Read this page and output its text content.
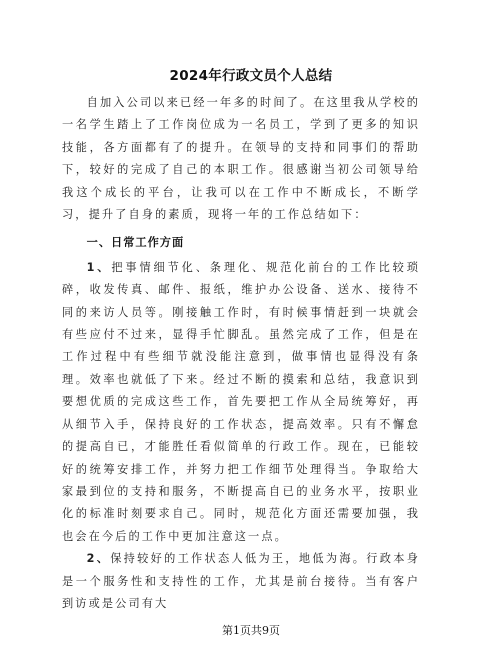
2024年行政文员个人总结

自加入公司以来已经一年多的时间了。在这里我从学校的一名学生踏上了工作岗位成为一名员工，学到了更多的知识技能，各方面都有了的提升。在领导的支持和同事们的帮助下，较好的完成了自己的本职工作。很感谢当初公司领导给我这个成长的平台，让我可以在工作中不断成长，不断学习，提升了自身的素质，现将一年的工作总结如下：

一、日常工作方面

1、把事情细节化、条理化、规范化前台的工作比较琐碎，收发传真、邮件、报纸，维护办公设备、送水、接待不同的来访人员等。刚接触工作时，有时候事情赶到一块就会有些应付不过来，显得手忙脚乱。虽然完成了工作，但是在工作过程中有些细节就没能注意到，做事情也显得没有条理。效率也就低了下来。经过不断的摸索和总结，我意识到要想优质的完成这些工作，首先要把工作从全局统筹好，再从细节入手，保持良好的工作状态，提高效率。只有不懈怠的提高自已，才能胜任看似简单的行政工作。现在，已能较好的统筹安排工作，并努力把工作细节处理得当。争取给大家最到位的支持和服务，不断提高自已的业务水平，按职业化的标准时刻要求自己。同时，规范化方面还需要加强，我也会在今后的工作中更加注意这一点。

2、保持较好的工作状态人低为王，地低为海。行政本身是一个服务性和支持性的工作，尤其是前台接待。当有客户到访或是公司有大

第1页共9页
